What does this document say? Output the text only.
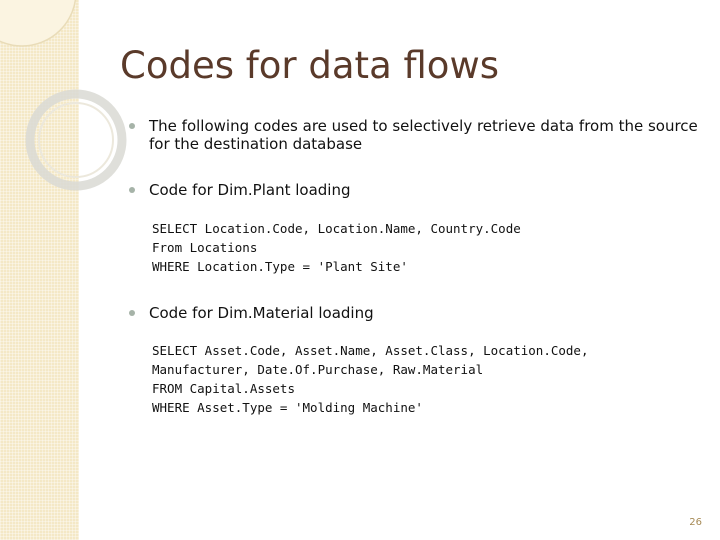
Codes for data flows
The following codes are used to selectively retrieve data from the source
for the destination database
Code for Dim.Plant loading
SELECT Location.Code, Location.Name, Country.Code
From Locations
WHERE Location.Type = 'Plant Site'
Code for Dim.Material loading
SELECT Asset.Code, Asset.Name, Asset.Class, Location.Code,
Manufacturer, Date.Of.Purchase, Raw.Material
FROM Capital.Assets
WHERE Asset.Type = 'Molding Machine'
26
